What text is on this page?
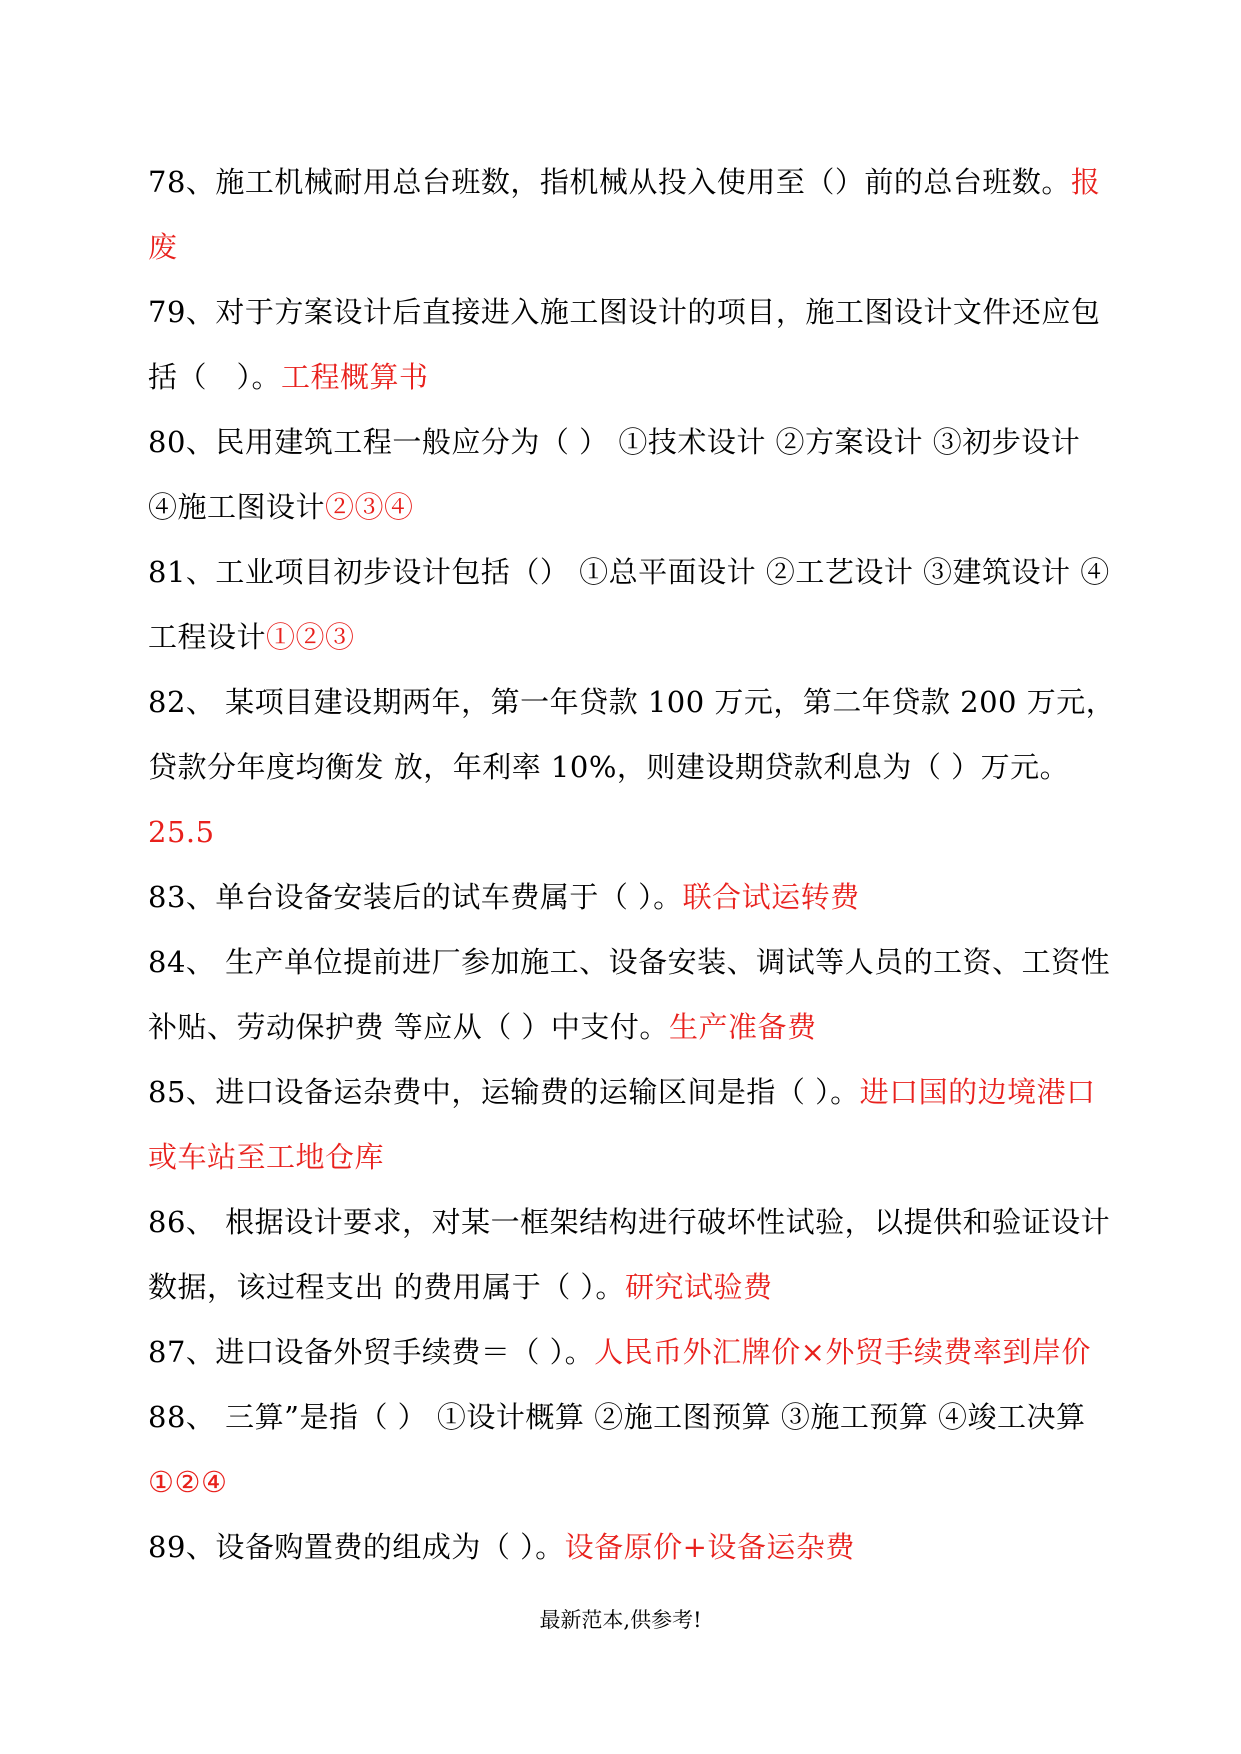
78、施工机械耐用总台班数，指机械从投入使用至（）前的总台班数。报废

79、对于方案设计后直接进入施工图设计的项目，施工图设计文件还应包括（　）。工程概算书

80、民用建筑工程一般应分为（ ） ①技术设计 ②方案设计 ③初步设计 ④施工图设计②③④

81、工业项目初步设计包括（） ①总平面设计 ②工艺设计 ③建筑设计 ④工程设计①②③

82、 某项目建设期两年，第一年贷款 100 万元，第二年贷款 200 万元，贷款分年度均衡发 放，年利率 10%，则建设期贷款利息为（ ）万元。
25.5

83、单台设备安装后的试车费属于（ ）。联合试运转费

84、 生产单位提前进厂参加施工、设备安装、调试等人员的工资、工资性补贴、劳动保护费 等应从（ ）中支付。生产准备费

85、进口设备运杂费中，运输费的运输区间是指（ ）。进口国的边境港口或车站至工地仓库

86、 根据设计要求，对某一框架结构进行破坏性试验，以提供和验证设计数据，该过程支出 的费用属于（ ）。研究试验费

87、进口设备外贸手续费＝（ ）。人民币外汇牌价×外贸手续费率到岸价

88、 三算”是指（ ） ①设计概算 ②施工图预算 ③施工预算 ④竣工决算
①②④

89、设备购置费的组成为（ ）。设备原价+设备运杂费

最新范本,供参考!
